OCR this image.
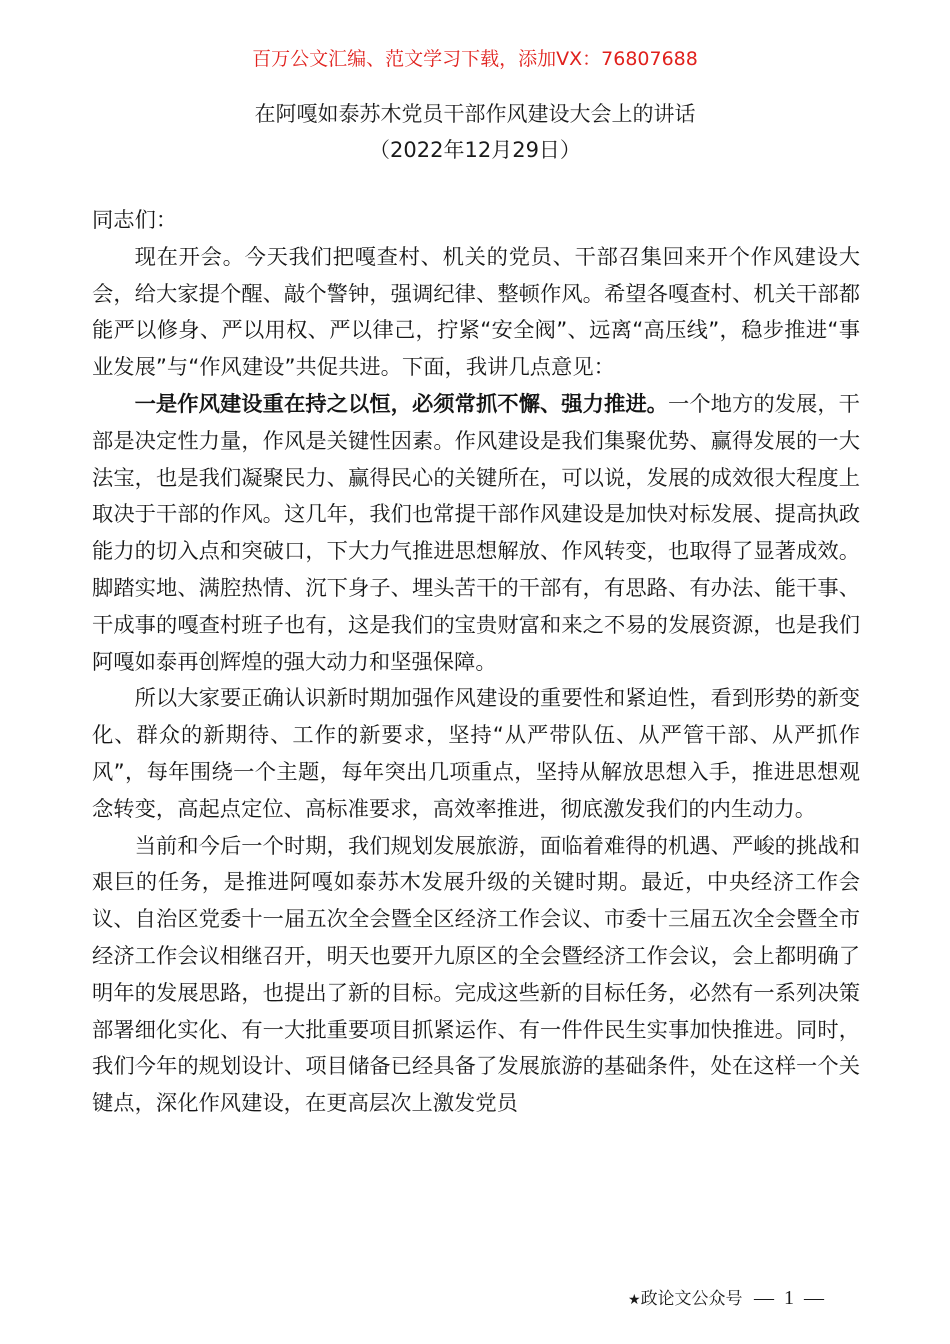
百万公文汇编、范文学习下载，添加VX：76807688
在阿嘎如泰苏木党员干部作风建设大会上的讲话
（2022年12月29日）

同志们：

现在开会。今天我们把嘎查村、机关的党员、干部召集回来开个作风建设大会，给大家提个醒、敲个警钟，强调纪律、整顿作风。希望各嘎查村、机关干部都能严以修身、严以用权、严以律己，拧紧“安全阀”、远离“高压线”，稳步推进“事业发展”与“作风建设”共促共进。下面，我讲几点意见：

一是作风建设重在持之以恒，必须常抓不懈、强力推进。一个地方的发展，干部是决定性力量，作风是关键性因素。作风建设是我们集聚优势、赢得发展的一大法宝，也是我们凝聚民力、赢得民心的关键所在，可以说，发展的成效很大程度上取决于干部的作风。这几年，我们也常提干部作风建设是加快对标发展、提高执政能力的切入点和突破口，下大力气推进思想解放、作风转变，也取得了显著成效。脚踏实地、满腔热情、沉下身子、埋头苦干的干部有，有思路、有办法、能干事、干成事的嘎查村班子也有，这是我们的宝贵财富和来之不易的发展资源，也是我们阿嘎如泰再创辉煌的强大动力和坚强保障。

所以大家要正确认识新时期加强作风建设的重要性和紧迫性，看到形势的新变化、群众的新期待、工作的新要求，坚持“从严带队伍、从严管干部、从严抓作风”，每年围绕一个主题，每年突出几项重点，坚持从解放思想入手，推进思想观念转变，高起点定位、高标准要求，高效率推进，彻底激发我们的内生动力。

当前和今后一个时期，我们规划发展旅游，面临着难得的机遇、严峻的挑战和艰巨的任务，是推进阿嘎如泰苏木发展升级的关键时期。最近，中央经济工作会议、自治区党委十一届五次全会暨全区经济工作会议、市委十三届五次全会暨全市经济工作会议相继召开，明天也要开九原区的全会暨经济工作会议，会上都明确了明年的发展思路，也提出了新的目标。完成这些新的目标任务，必然有一系列决策部署细化实化、有一大批重要项目抓紧运作、有一件件民生实事加快推进。同时，我们今年的规划设计、项目储备已经具备了发展旅游的基础条件，处在这样一个关键点，深化作风建设，在更高层次上激发党员

★政论文公众号 — 1 —
